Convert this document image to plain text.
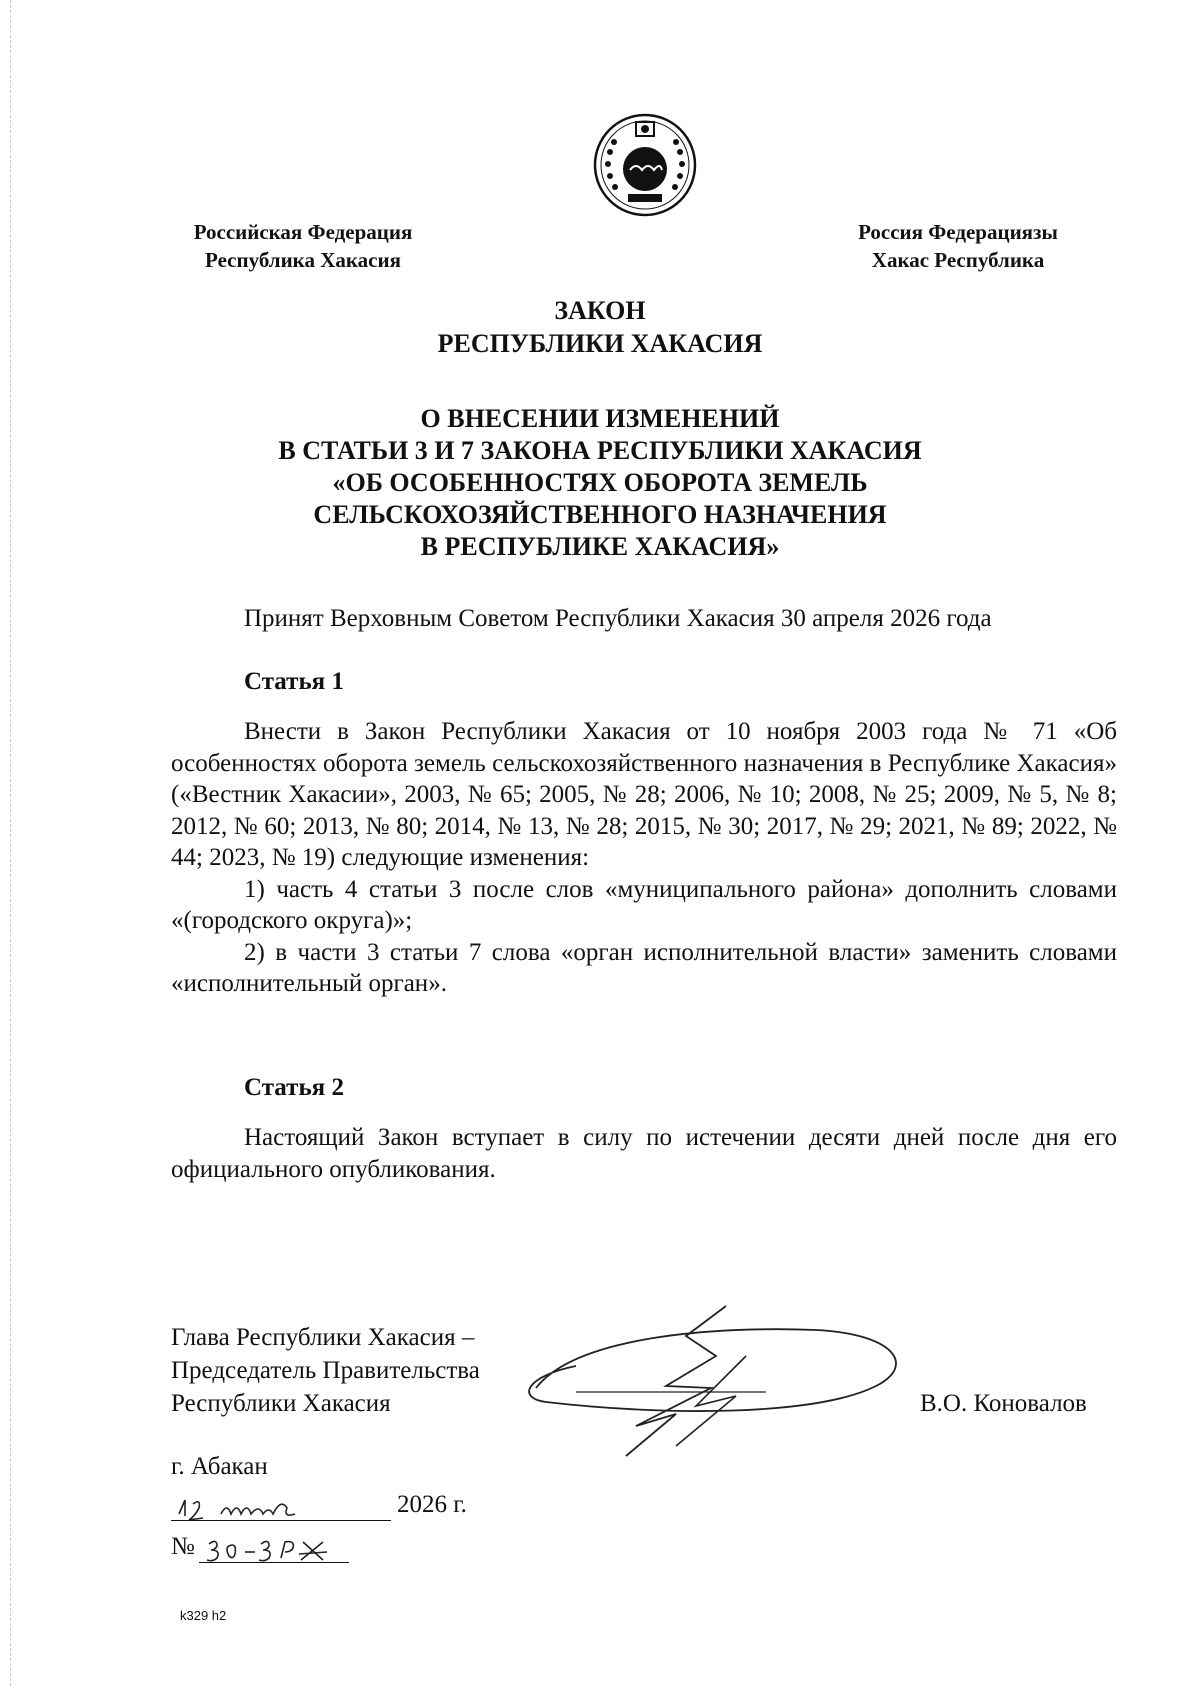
Российская Федерация
Республика Хакасия
Россия Федерациязы
Хакас Республика
ЗАКОН
РЕСПУБЛИКИ ХАКАСИЯ
О ВНЕСЕНИИ ИЗМЕНЕНИЙ
В СТАТЬИ 3 И 7 ЗАКОНА РЕСПУБЛИКИ ХАКАСИЯ
«ОБ ОСОБЕННОСТЯХ ОБОРОТА ЗЕМЕЛЬ
СЕЛЬСКОХОЗЯЙСТВЕННОГО НАЗНАЧЕНИЯ
В РЕСПУБЛИКЕ ХАКАСИЯ»
Принят Верховным Советом Республики Хакасия 30 апреля 2026 года
Статья 1
Внести в Закон Республики Хакасия от 10 ноября 2003 года № 71 «Об особенностях оборота земель сельскохозяйственного назначения в Республике Хакасия» («Вестник Хакасии», 2003, № 65; 2005, № 28; 2006, № 10; 2008, № 25; 2009, № 5, № 8; 2012, № 60; 2013, № 80; 2014, № 13, № 28; 2015, № 30; 2017, № 29; 2021, № 89; 2022, № 44; 2023, № 19) следующие изменения:
1) часть 4 статьи 3 после слов «муниципального района» дополнить словами «(городского округа)»;
2) в части 3 статьи 7 слова «орган исполнительной власти» заменить словами «исполнительный орган».
Статья 2
Настоящий Закон вступает в силу по истечении десяти дней после дня его официального опубликования.
Глава Республики Хакасия –
Председатель Правительства
Республики Хакасия	В.О. Коновалов
г. Абакан
2026 г.
№
k329 h2
